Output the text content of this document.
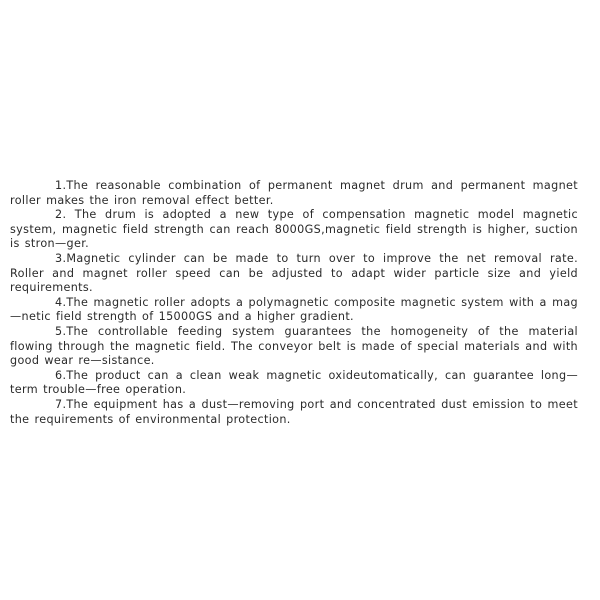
1.The reasonable combination of permanent magnet drum and permanent magnet roller makes the iron removal effect better.

2. The drum is adopted a new type of compensation magnetic model magnetic system, magnetic field strength can reach 8000GS,magnetic field strength is higher, suction is stron—ger.

3.Magnetic cylinder can be made to turn over to improve the net removal rate. Roller and magnet roller speed can be adjusted to adapt wider particle size and yield requirements.

4.The magnetic roller adopts a polymagnetic composite magnetic system with a mag—netic field strength of 15000GS and a higher gradient.

5.The controllable feeding system guarantees the homogeneity of the material flowing through the magnetic field. The conveyor belt is made of special materials and with good wear re—sistance.

6.The product can a clean weak magnetic oxideutomatically, can guarantee long—term trouble—free operation.

7.The equipment has a dust—removing port and concentrated dust emission to meet the requirements of environmental protection.
